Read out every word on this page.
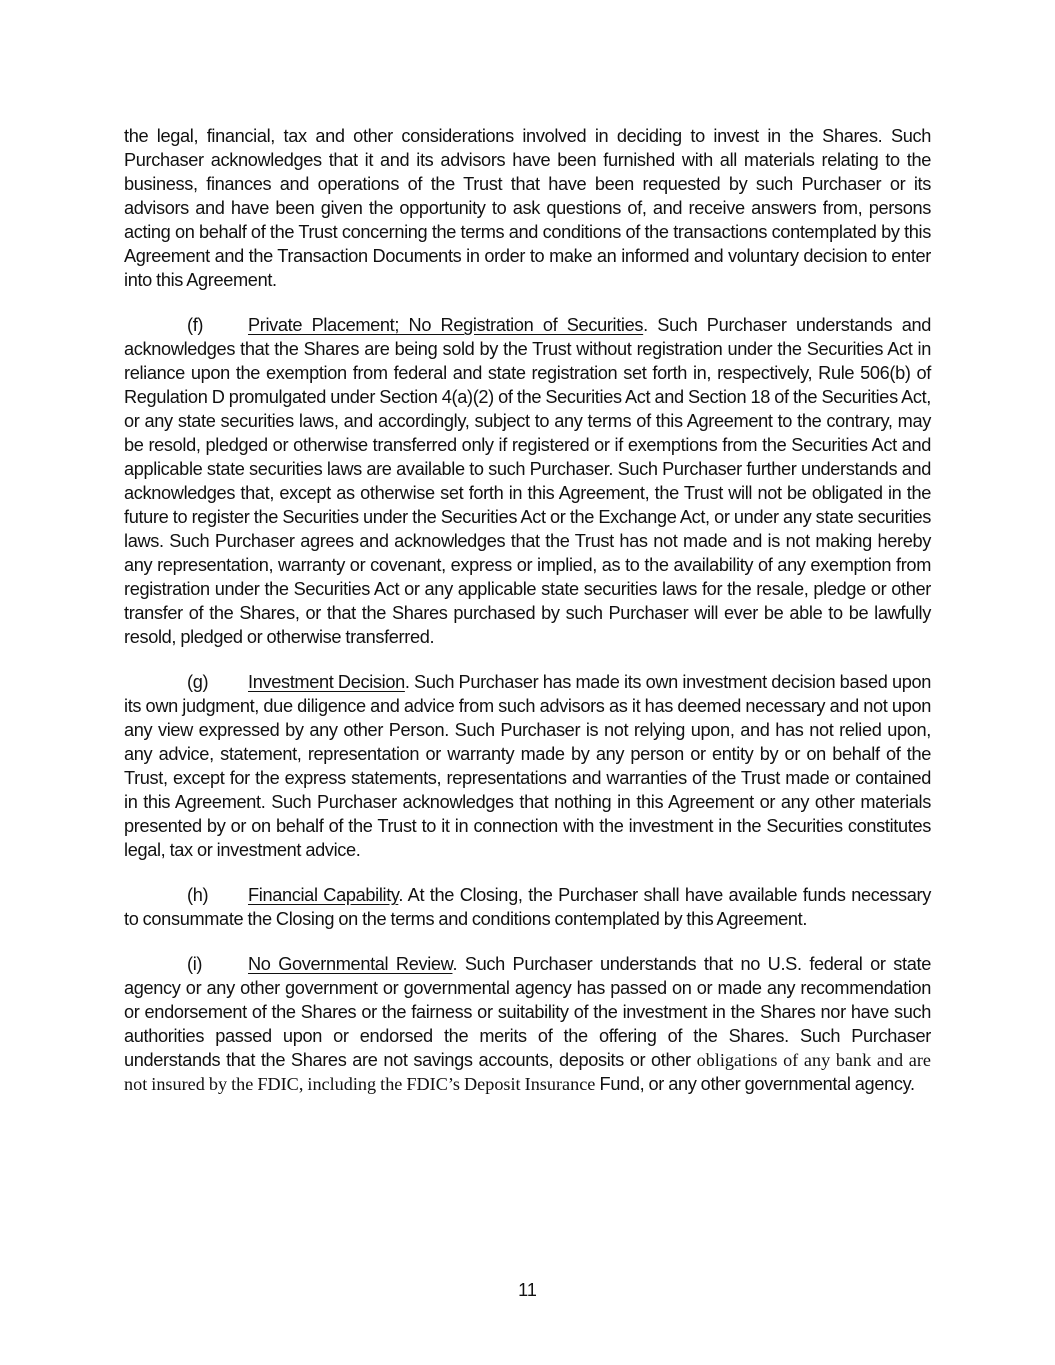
the legal, financial, tax and other considerations involved in deciding to invest in the Shares. Such Purchaser acknowledges that it and its advisors have been furnished with all materials relating to the business, finances and operations of the Trust that have been requested by such Purchaser or its advisors and have been given the opportunity to ask questions of, and receive answers from, persons acting on behalf of the Trust concerning the terms and conditions of the transactions contemplated by this Agreement and the Transaction Documents in order to make an informed and voluntary decision to enter into this Agreement.

(f) Private Placement; No Registration of Securities. Such Purchaser understands and acknowledges that the Shares are being sold by the Trust without registration under the Securities Act in reliance upon the exemption from federal and state registration set forth in, respectively, Rule 506(b) of Regulation D promulgated under Section 4(a)(2) of the Securities Act and Section 18 of the Securities Act, or any state securities laws, and accordingly, subject to any terms of this Agreement to the contrary, may be resold, pledged or otherwise transferred only if registered or if exemptions from the Securities Act and applicable state securities laws are available to such Purchaser. Such Purchaser further understands and acknowledges that, except as otherwise set forth in this Agreement, the Trust will not be obligated in the future to register the Securities under the Securities Act or the Exchange Act, or under any state securities laws. Such Purchaser agrees and acknowledges that the Trust has not made and is not making hereby any representation, warranty or covenant, express or implied, as to the availability of any exemption from registration under the Securities Act or any applicable state securities laws for the resale, pledge or other transfer of the Shares, or that the Shares purchased by such Purchaser will ever be able to be lawfully resold, pledged or otherwise transferred.

(g) Investment Decision. Such Purchaser has made its own investment decision based upon its own judgment, due diligence and advice from such advisors as it has deemed necessary and not upon any view expressed by any other Person. Such Purchaser is not relying upon, and has not relied upon, any advice, statement, representation or warranty made by any person or entity by or on behalf of the Trust, except for the express statements, representations and warranties of the Trust made or contained in this Agreement. Such Purchaser acknowledges that nothing in this Agreement or any other materials presented by or on behalf of the Trust to it in connection with the investment in the Securities constitutes legal, tax or investment advice.

(h) Financial Capability. At the Closing, the Purchaser shall have available funds necessary to consummate the Closing on the terms and conditions contemplated by this Agreement.

(i)	No Governmental Review. Such Purchaser understands that no U.S. federal or state agency or any other government or governmental agency has passed on or made any recommendation or endorsement of the Shares or the fairness or suitability of the investment in the Shares nor have such authorities passed upon or endorsed the merits of the offering of the Shares. Such Purchaser understands that the Shares are not savings accounts, deposits or other obligations of any bank and are not insured by the FDIC, including the FDIC’s Deposit Insurance Fund, or any other governmental agency.

11
